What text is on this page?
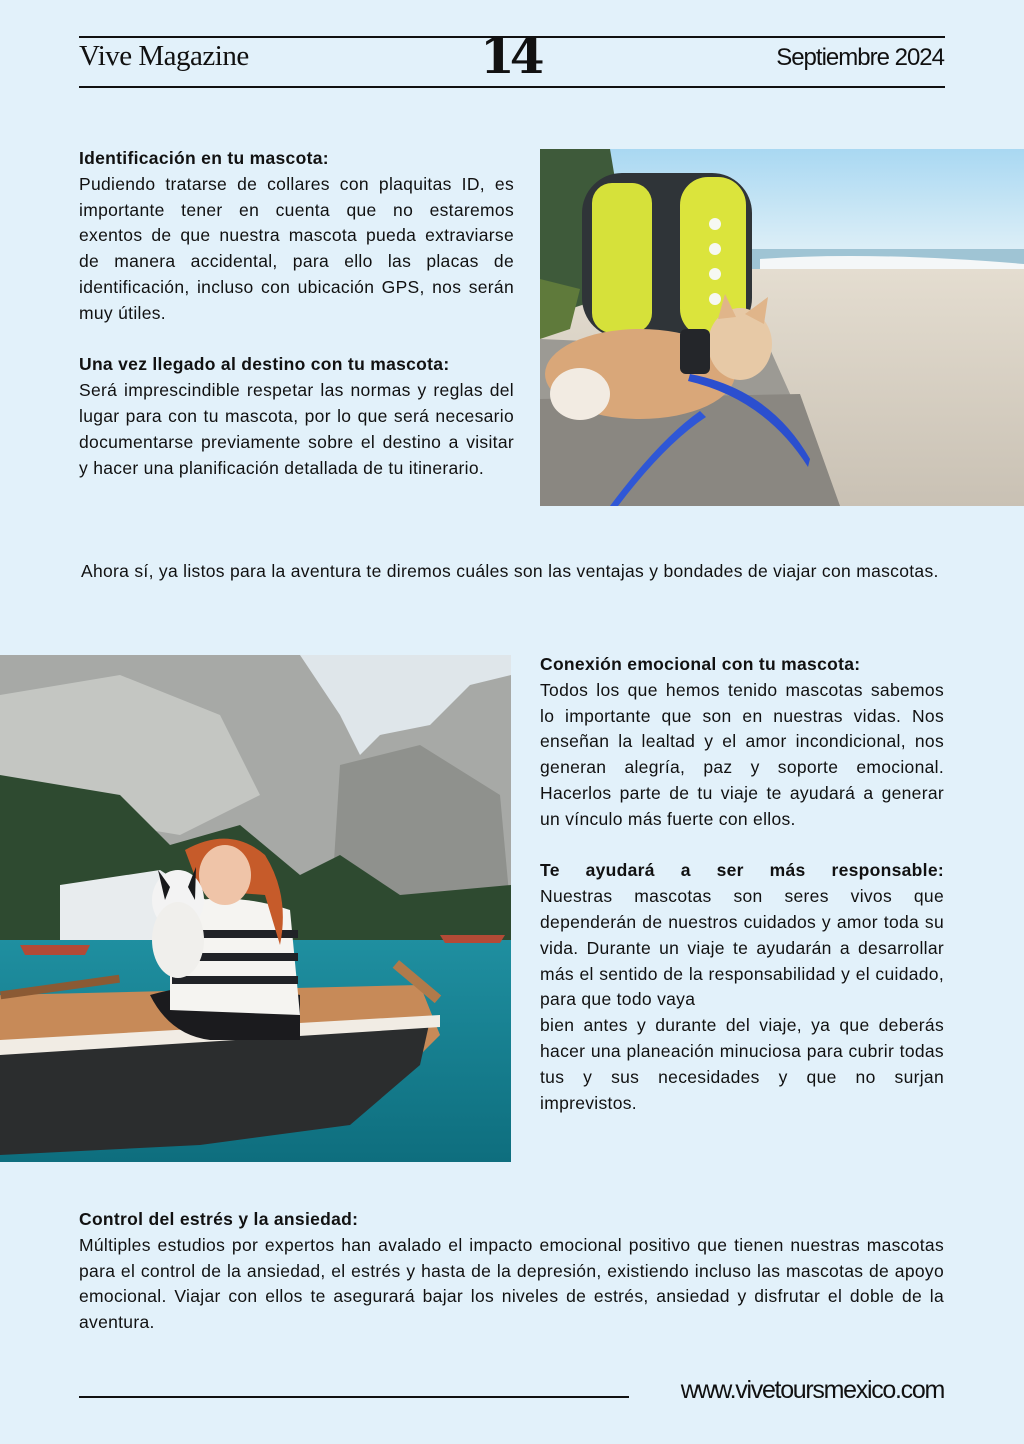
Vive Magazine	14	Septiembre 2024
Identificación en tu mascota:

Pudiendo tratarse de collares con plaquitas ID, es importante tener en cuenta que no estaremos exentos de que nuestra mascota pueda extraviarse de manera accidental, para ello las placas de identificación, incluso con ubicación GPS, nos serán muy útiles.

Una vez llegado al destino con tu mascota:

Será imprescindible respetar las normas y reglas del lugar para con tu mascota, por lo que será necesario documentarse previamente sobre el destino a visitar y hacer una planificación detallada de tu itinerario.

Ahora sí, ya listos para la aventura te diremos cuáles son las ventajas y bondades de viajar con mascotas.
Conexión emocional con tu mascota:

Todos los que hemos tenido mascotas sabemos lo importante que son en nuestras vidas. Nos enseñan la lealtad y el amor incondicional, nos generan alegría, paz y soporte emocional. Hacerlos parte de tu viaje te ayudará a generar un vínculo más fuerte con ellos.

Te ayudará a ser más responsable:

Nuestras mascotas son seres vivos que dependerán de nuestros cuidados y amor toda su vida. Durante un viaje te ayudarán a desarrollar más el sentido de la responsabilidad y el cuidado, para que todo vaya

bien antes y durante del viaje, ya que deberás hacer una planeación minuciosa para cubrir todas tus y sus necesidades y que no surjan imprevistos.

Control del estrés y la ansiedad:

Múltiples estudios por expertos han avalado el impacto emocional positivo que tienen nuestras mascotas para el control de la ansiedad, el estrés y hasta de la depresión, existiendo incluso las mascotas de apoyo emocional. Viajar con ellos te asegurará bajar los niveles de estrés, ansiedad y disfrutar el doble de la aventura.

www.vivetoursmexico.com
